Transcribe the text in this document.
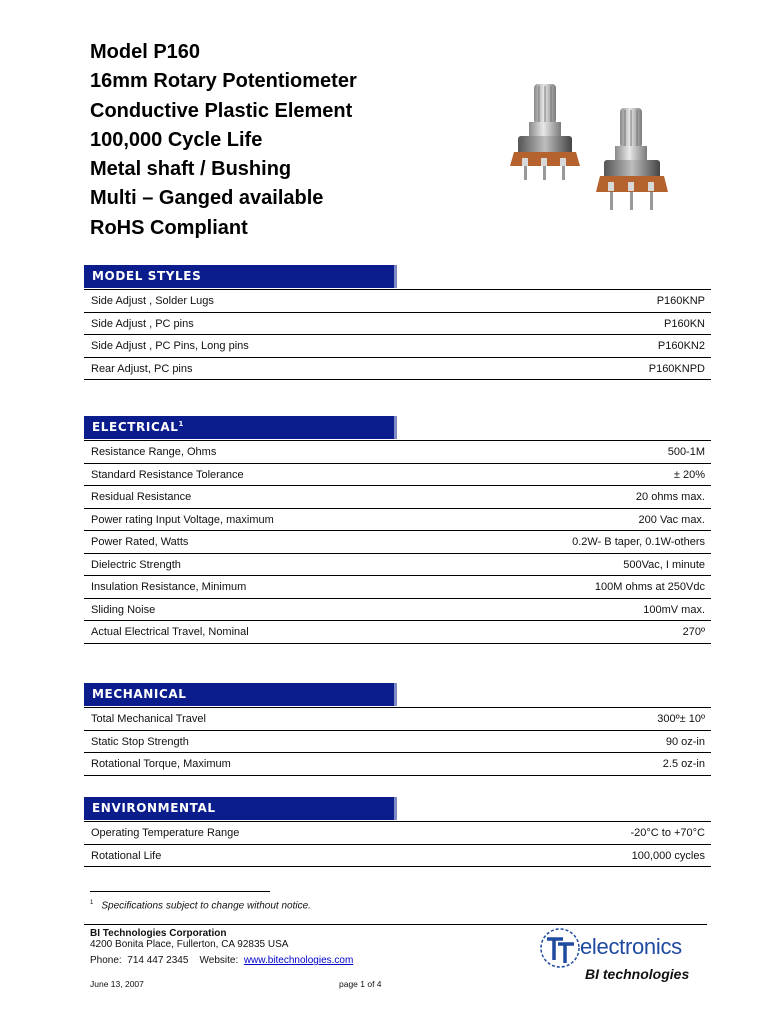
Model P160
16mm Rotary Potentiometer
Conductive Plastic Element
100,000 Cycle Life
Metal shaft / Bushing
Multi – Ganged available
RoHS Compliant
MODEL STYLES
Side Adjust , Solder Lugs	P160KNP
Side Adjust , PC pins	P160KN
Side Adjust , PC Pins, Long pins	P160KN2
Rear Adjust, PC pins	P160KNPD
ELECTRICAL$^1$
Resistance Range, Ohms	500-1M
Standard Resistance Tolerance	± 20%
Residual Resistance	20 ohms max.
Power rating Input Voltage, maximum	200 Vac max.
Power Rated, Watts	0.2W- B taper, 0.1W-others
Dielectric Strength	500Vac, I minute
Insulation Resistance, Minimum	100M ohms at 250Vdc
Sliding Noise	100mV max.
Actual Electrical Travel, Nominal	270º
MECHANICAL
Total Mechanical Travel	300º± 10º
Static Stop Strength	90 oz-in
Rotational Torque, Maximum	2.5 oz-in
ENVIRONMENTAL
Operating Temperature Range	-20°C to +70°C
Rotational Life	100,000 cycles
$^1$ Specifications subject to change without notice.
BI Technologies Corporation
4200 Bonita Place, Fullerton, CA 92835 USA
Phone:  714 447 2345    Website:  www.bitechnologies.com
June 13, 2007	page 1 of 4
electronics
BI technologies
